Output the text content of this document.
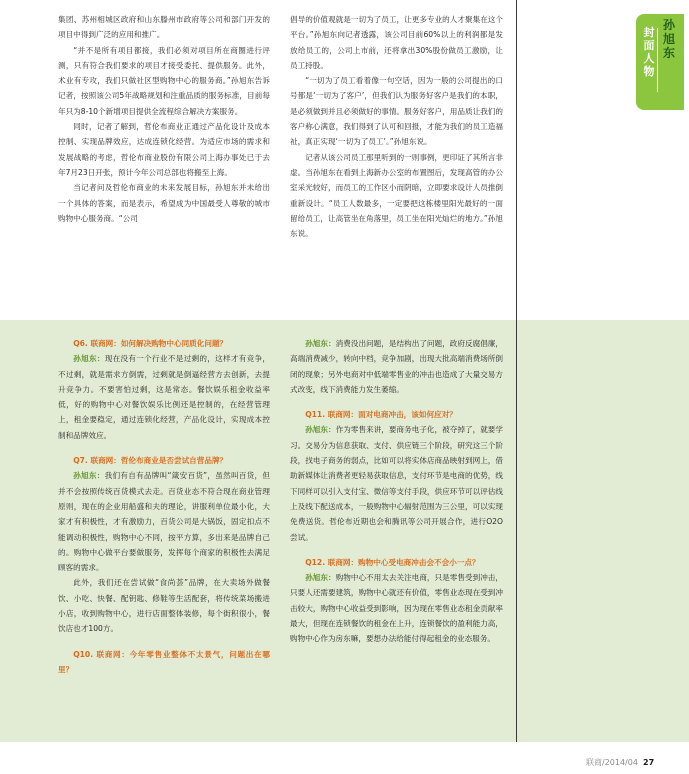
封面人物
孙旭东

集团、苏州相城区政府和山东滕州市政府等公司和部门开发的项目中得到广泛的应用和推广。

“并不是所有项目都接，我们必须对项目所在商圈进行评测，只有符合我们要求的项目才接受委托、提供服务。此外，术业有专攻，我们只做社区型购物中心的服务商。”孙旭东告诉记者，按照该公司5年战略规划和注重品质的服务标准，目前每年只为8-10个新增项目提供全流程综合解决方案服务。

同时，记者了解到，哲伦布商业正通过产品化设计及成本控制、实现品牌效应，达成连锁化经营。为适应市场的需求和发展战略的考虑，哲伦布商业股份有限公司上海办事处已于去年7月23日开张，预计今年公司总部也将搬至上海。

当记者问及哲伦布商业的未来发展目标，孙旭东并未给出一个具体的答案，而是表示，希望成为中国最受人尊敬的城市购物中心服务商。“公司

倡导的价值观就是一切为了员工，让更多专业的人才聚集在这个平台。”孙旭东向记者透露，该公司目前60%以上的利润都是发放给员工的，公司上市前，还将拿出30%股份做员工激励，让员工持股。

“一切为了员工看着像一句空话，因为一般的公司提出的口号都是‘一切为了客户’，但我们认为服务好客户是我们的本职，是必须做到并且必须做好的事情。服务好客户，用品质让我们的客户称心满意，我们得到了认可和回报，才能为我们的员工造福祉，真正实现‘一切为了员工’。”孙旭东说。

记者从该公司员工那里听到的一则事例，更印证了其所言非虚。当孙旭东在看到上海新办公室的布置图后，发现高管的办公室采光较好，而员工的工作区小而阴暗，立即要求设计人员推倒重新设计。“员工人数最多，一定要把这栋楼里阳光最好的一面留给员工，让高管坐在角落里，员工坐在阳光灿烂的地方。”孙旭东说。

Q6. 联商网：如何解决购物中心同质化问题？

孙旭东：现在没有一个行业不是过剩的，这样才有竞争，不过剩，就是需求方倒需，过剩就是倒逼经营方去创新，去提升竞争力。不要害怕过剩，这是常态。餐饮娱乐租金收益率低，好的购物中心对餐饮娱乐比例还是控制的，在经营管理上，租金要稳定，通过连锁化经营，产品化设计，实现成本控制和品牌效应。

Q7. 联商网：哲伦布商业是否尝试自营品牌？

孙旭东：我们有自有品牌叫“箴安百货”，虽然叫百货，但并不会按照传统百货模式去走。百货业态不符合现在商业管理原则，现在的企业用船盛和夫的理论，讲服利单位最小化，大家才有积极性，才有激励力，百货公司是大锅饭，固定扣点不能调动积极性，购物中心不同，按平方算，多出来是品牌自己的。购物中心做平台要做服务，发挥每个商家的积极性去满足顾客的需求。

此外，我们还在尝试做“食尚荟”品牌，在大卖场外做餐饮、小吃、快餐、配钥匙、修鞋等生活配套，将传统菜场搬进小店，收到购物中心，进行店面整体装修，每个街积很小，餐饮店也才100方。

Q10. 联商网：今年零售业整体不太景气，问题出在哪里？

孙旭东：消费没出问题，是结构出了问题，政府反腐倡廉，高端消费减少，转向中档，竞争加剧，出现大批高端消费场所倒闭的现象；另外电商对中低端零售业的冲击也造成了大量交易方式改变，线下消费能力发生萎缩。

Q11. 联商网：面对电商冲击，该如何应对？

孙旭东：作为零售来讲，要商务电子化，被夺掉了，就要学习。交易分为信息获取、支付、供应链三个阶段，研究这三个阶段，找电子商务的弱点，比如可以将实体店商品映射到网上，借助新媒体让消费者更轻易获取信息，支付环节是电商的优势，线下同样可以引入支付宝、微信等支付手段，供应环节可以评估线上及线下配送成本，一般购物中心辐射范围为三公里，可以实现免费送货。哲伦布近期也会和腾讯等公司开展合作，进行O2O尝试。

Q12. 联商网：购物中心受电商冲击会不会小一点？

孙旭东：购物中心不用太去关注电商，只是零售受到冲击，只要人还需要建筑，购物中心就还有价值，零售业态现在受到冲击较大，购物中心收益受到影响，因为现在零售业态租金贡献率最大，但现在连锁餐饮的租金在上升，连锁餐饮的盈利能力高，购物中心作为房东嘛，要想办法给能付得起租金的业态服务。

联商/2014/04 27
